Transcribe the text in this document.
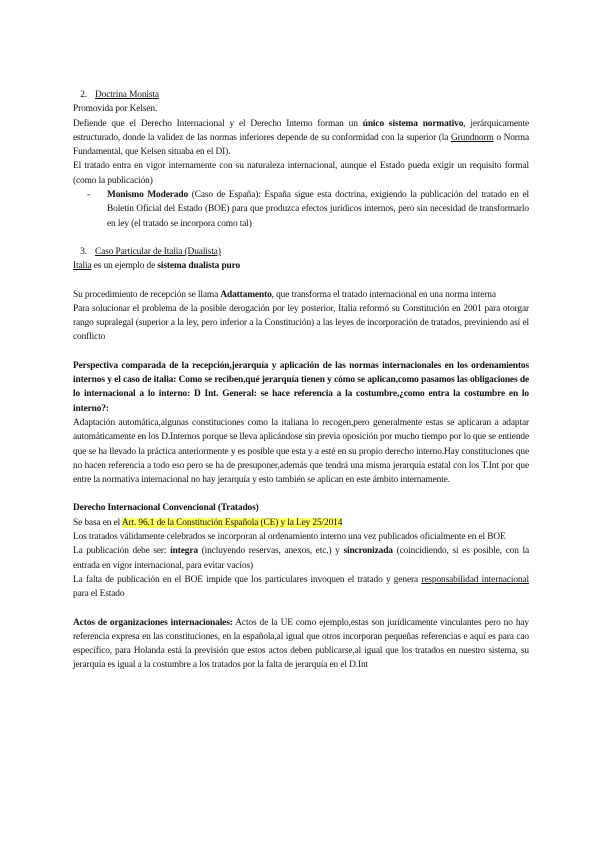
2. Doctrina Monista

Promovida por Kelsen.

Defiende que el Derecho Internacional y el Derecho Interno forman un único sistema normativo, jerárquicamente estructurado, donde la validez de las normas inferiores depende de su conformidad con la superior (la Grundnorm o Norma Fundamental, que Kelsen situaba en el DI).

El tratado entra en vigor internamente con su naturaleza internacional, aunque el Estado pueda exigir un requisito formal (como la publicación)

- Monismo Moderado (Caso de España): España sigue esta doctrina, exigiendo la publicación del tratado en el Boletín Oficial del Estado (BOE) para que produzca efectos jurídicos internos, pero sin necesidad de transformarlo en ley (el tratado se incorpora como tal)

3. Caso Particular de Italia (Dualista)

Italia es un ejemplo de sistema dualista puro

Su procedimiento de recepción se llama Adattamento, que transforma el tratado internacional en una norma interna

Para solucionar el problema de la posible derogación por ley posterior, Italia reformó su Constitución en 2001 para otorgar rango supralegal (superior a la ley, pero inferior a la Constitución) a las leyes de incorporación de tratados, previniendo así el conflicto

Perspectiva comparada de la recepción,jerarquía y aplicación de las normas internacionales en los ordenamientos internos y el caso de italia: Como se reciben,qué jerarquía tienen y cómo se aplican,como pasamos las obligaciones de lo internacional a lo interno: D Int. General: se hace referencia a la costumbre,¿como entra la costumbre en lo interno?:

Adaptación automática,algunas constituciones como la italiana lo recogen,pero generalmente estas se aplicaran a adaptar automáticamente en los D.Internos porque se lleva aplicándose sin previa oposición por mucho tiempo por lo que se entiende que se ha llevado la práctica anteriormente y es posible que esta y a esté en su propio derecho interno.Hay constituciones que no hacen referencia a todo eso pero se ha de presuponer,además que tendrá una misma jerarquía estatal con los T.Int por que entre la normativa internacional no hay jerarquía y esto también se aplican en este ámbito internamente.

Derecho Internacional Convencional (Tratados)

Se basa en el Art. 96.1 de la Constitución Española (CE) y la Ley 25/2014

Los tratados válidamente celebrados se incorporan al ordenamiento interno una vez publicados oficialmente en el BOE

La publicación debe ser: íntegra (incluyendo reservas, anexos, etc.) y sincronizada (coincidiendo, si es posible, con la entrada en vigor internacional, para evitar vacíos)

La falta de publicación en el BOE impide que los particulares invoquen el tratado y genera responsabilidad internacional para el Estado

Actos de organizaciones internacionales: Actos de la UE como ejemplo,estas son jurídicamente vinculantes pero no hay referencia expresa en las constituciones, en la española,al igual que otros incorporan pequeñas referencias e aquí es para cao específico, para Holanda está la previsión que estos actos deben publicarse,al igual que los tratados en nuestro sistema, su jerarquía es igual a la costumbre a los tratados por la falta de jerarquía en el D.Int
